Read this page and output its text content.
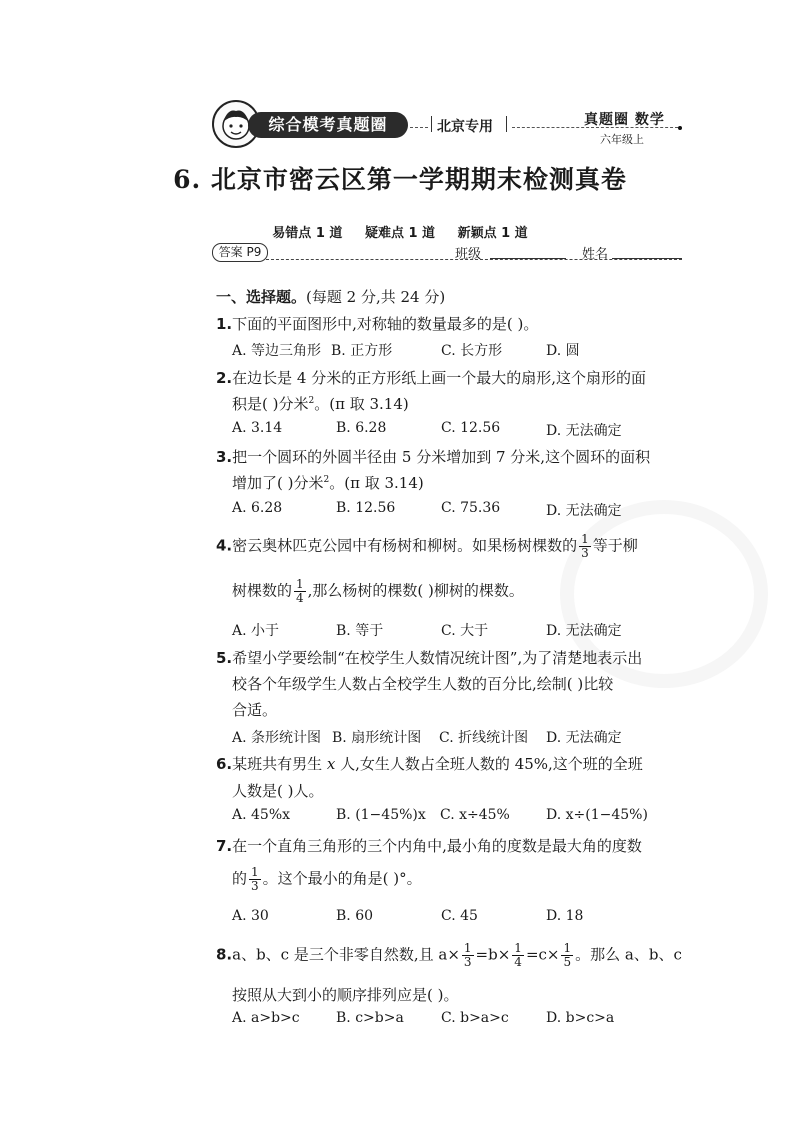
综合模考真题圈	北京专用	真题圈 数学
六年级上
6. 北京市密云区第一学期期末检测真卷
易错点 1 道 疑难点 1 道 新颖点 1 道
答案 P9	班级	姓名
一、选择题。(每题 2 分,共 24 分)
1.下面的平面图形中,对称轴的数量最多的是( )。
A. 等边三角形 B. 正方形	C. 长方形	D. 圆
2.在边长是 4 分米的正方形纸上画一个最大的扇形,这个扇形的面
积是( )分米$^2$。(π 取 3.14)
A. 3.14	B. 6.28	C. 12.56	D. 无法确定
3.把一个圆环的外圆半径由 5 分米增加到 7 分米,这个圆环的面积
增加了( )分米$^2$。(π 取 3.14)
A. 6.28	B. 12.56	C. 75.36	D. 无法确定
4.密云奥林匹克公园中有杨树和柳树。如果杨树棵数的 $\frac{1}{3}$ 等于柳
树棵数的 $\frac{1}{4}$ ,那么杨树的棵数( )柳树的棵数。
A. 小于	B. 等于	C. 大于	D. 无法确定
5.希望小学要绘制“在校学生人数情况统计图”,为了清楚地表示出
校各个年级学生人数占全校学生人数的百分比,绘制( )比较
合适。
A. 条形统计图 B. 扇形统计图 C. 折线统计图 D. 无法确定
6.某班共有男生 x 人,女生人数占全班人数的 45%,这个班的全班
人数是( )人。
A. 45%x	B. (1−45%)x C. x÷45%	D. x÷(1−45%)
7.在一个直角三角形的三个内角中,最小角的度数是最大角的度数
的 $\frac{1}{3}$ 。这个最小的角是( )°。
A. 30	B. 60	C. 45	D. 18
8.a、b、c 是三个非零自然数,且 $a\times \frac{1}{3} =b\times \frac{1}{4} =c\times \frac{1}{5}$ 。那么 a、b、c
按照从大到小的顺序排列应是( )。
A. a>b>c	B. c>b>a	C. b>a>c	D. b>c>a
